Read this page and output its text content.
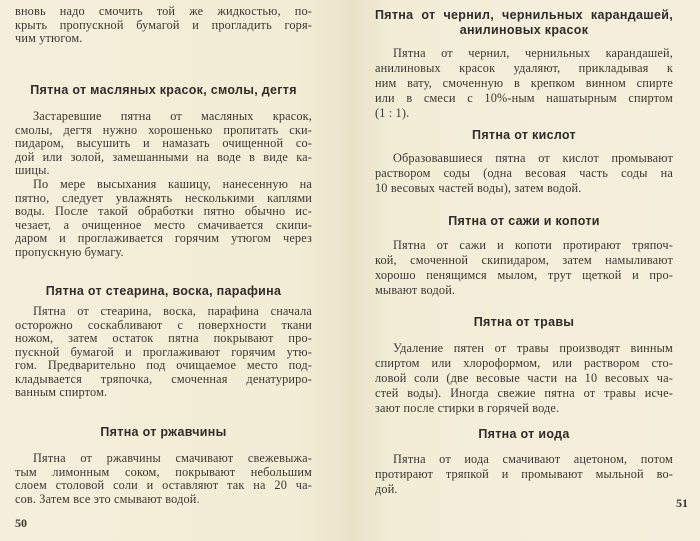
50
вновь надо смочить той же жидкостью, по-
крыть пропускной бумагой и прогладить горя-
чим утюгом.
Пятна от масляных красок, смолы, дегтя
Застаревшие пятна от масляных красок,
смолы, дегтя нужно хорошенько пропитать ски-
пидаром, высушить и намазать очищенной со-
дой или золой, замешанными на воде в виде ка-
шицы.
По мере высыхания кашицу, нанесенную на
пятно, следует увлажнять несколькими каплями
воды. После такой обработки пятно обычно ис-
чезает, а очищенное место смачивается скипи-
даром и проглаживается горячим утюгом через
пропускную бумагу.
Пятна от стеарина, воска, парафина
Пятна от стеарина, воска, парафина сначала
осторожно соскабливают с поверхности ткани
ножом, затем остаток пятна покрывают про-
пускной бумагой и проглаживают горячим утю-
гом. Предварительно под очищаемое место под-
кладывается тряпочка, смоченная денатуриро-
ванным спиртом.
Пятна от ржавчины
Пятна от ржавчины смачивают свежевыжа-
тым лимонным соком, покрывают небольшим
слоем столовой соли и оставляют так на 20 ча-
сов. Затем все это смывают водой.	51
Пятна от чернил, чернильных карандашей,
анилиновых красок
Пятна от чернил, чернильных карандашей,
анилиновых красок удаляют, прикладывая к
ним вату, смоченную в крепком винном спирте
или в смеси с 10%-ным нашатырным спиртом
(1 : 1).
Пятна от кислот
Образовавшиеся пятна от кислот промывают
раствором соды (одна весовая часть соды на
10 весовых частей воды), затем водой.
Пятна от сажи и копоти
Пятна от сажи и копоти протирают тряпоч-
кой, смоченной скипидаром, затем намыливают
хорошо пенящимся мылом, трут щеткой и про-
мывают водой.
Пятна от травы
Удаление пятен от травы производят винным
спиртом или хлороформом, или раствором сто-
ловой соли (две весовые части на 10 весовых ча-
стей воды). Иногда свежие пятна от травы исче-
зают после стирки в горячей воде.
Пятна от иода
Пятна от иода смачивают ацетоном, потом
протирают тряпкой и промывают мыльной во-
дой.
